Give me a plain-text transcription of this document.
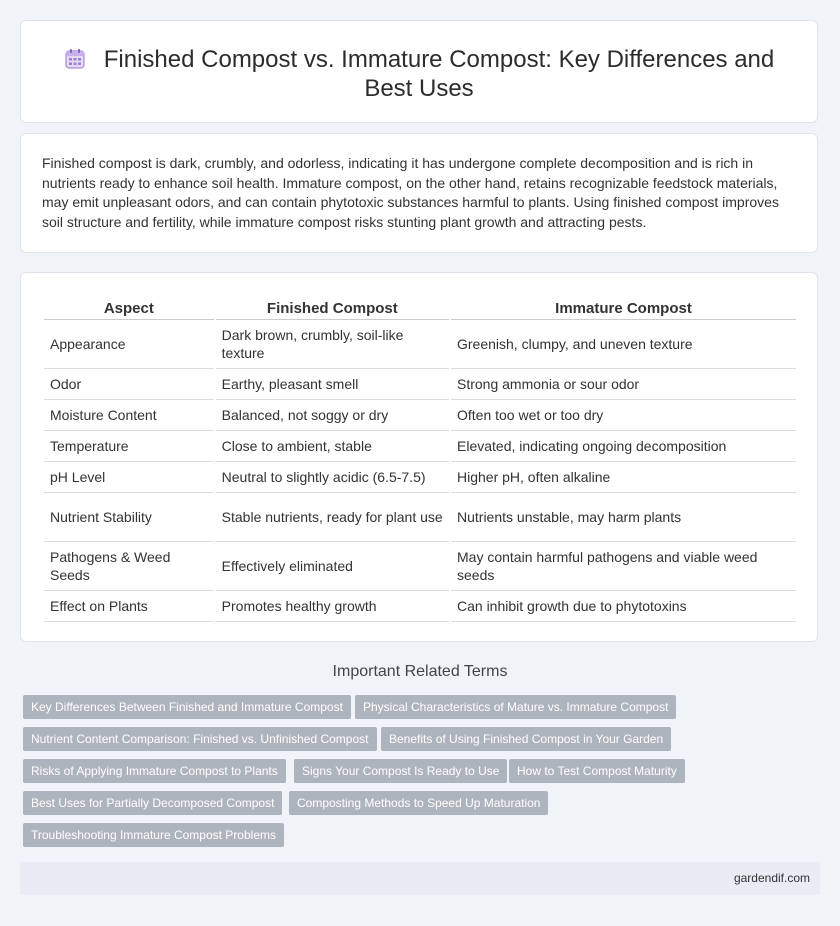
Finished Compost vs. Immature Compost: Key Differences and
Best Uses
Finished compost is dark, crumbly, and odorless, indicating it has undergone complete decomposition and is rich in nutrients ready to enhance soil health. Immature compost, on the other hand, retains recognizable feedstock materials, may emit unpleasant odors, and can contain phytotoxic substances harmful to plants. Using finished compost improves soil structure and fertility, while immature compost risks stunting plant growth and attracting pests.
Aspect	Finished Compost	Immature Compost
Appearance	Dark brown, crumbly, soil-like texture	Greenish, clumpy, and uneven texture
Odor	Earthy, pleasant smell	Strong ammonia or sour odor
Moisture Content	Balanced, not soggy or dry	Often too wet or too dry
Temperature	Close to ambient, stable	Elevated, indicating ongoing decomposition
pH Level	Neutral to slightly acidic (6.5-7.5)	Higher pH, often alkaline
Nutrient Stability	Stable nutrients, ready for plant use	Nutrients unstable, may harm plants
Pathogens & Weed Seeds	Effectively eliminated	May contain harmful pathogens and viable weed seeds
Effect on Plants	Promotes healthy growth	Can inhibit growth due to phytotoxins
Important Related Terms
Key Differences Between Finished and Immature Compost	Physical Characteristics of Mature vs. Immature Compost
Nutrient Content Comparison: Finished vs. Unfinished Compost	Benefits of Using Finished Compost in Your Garden
Risks of Applying Immature Compost to Plants	Signs Your Compost Is Ready to Use	How to Test Compost Maturity
Best Uses for Partially Decomposed Compost	Composting Methods to Speed Up Maturation
Troubleshooting Immature Compost Problems
gardendif.com
